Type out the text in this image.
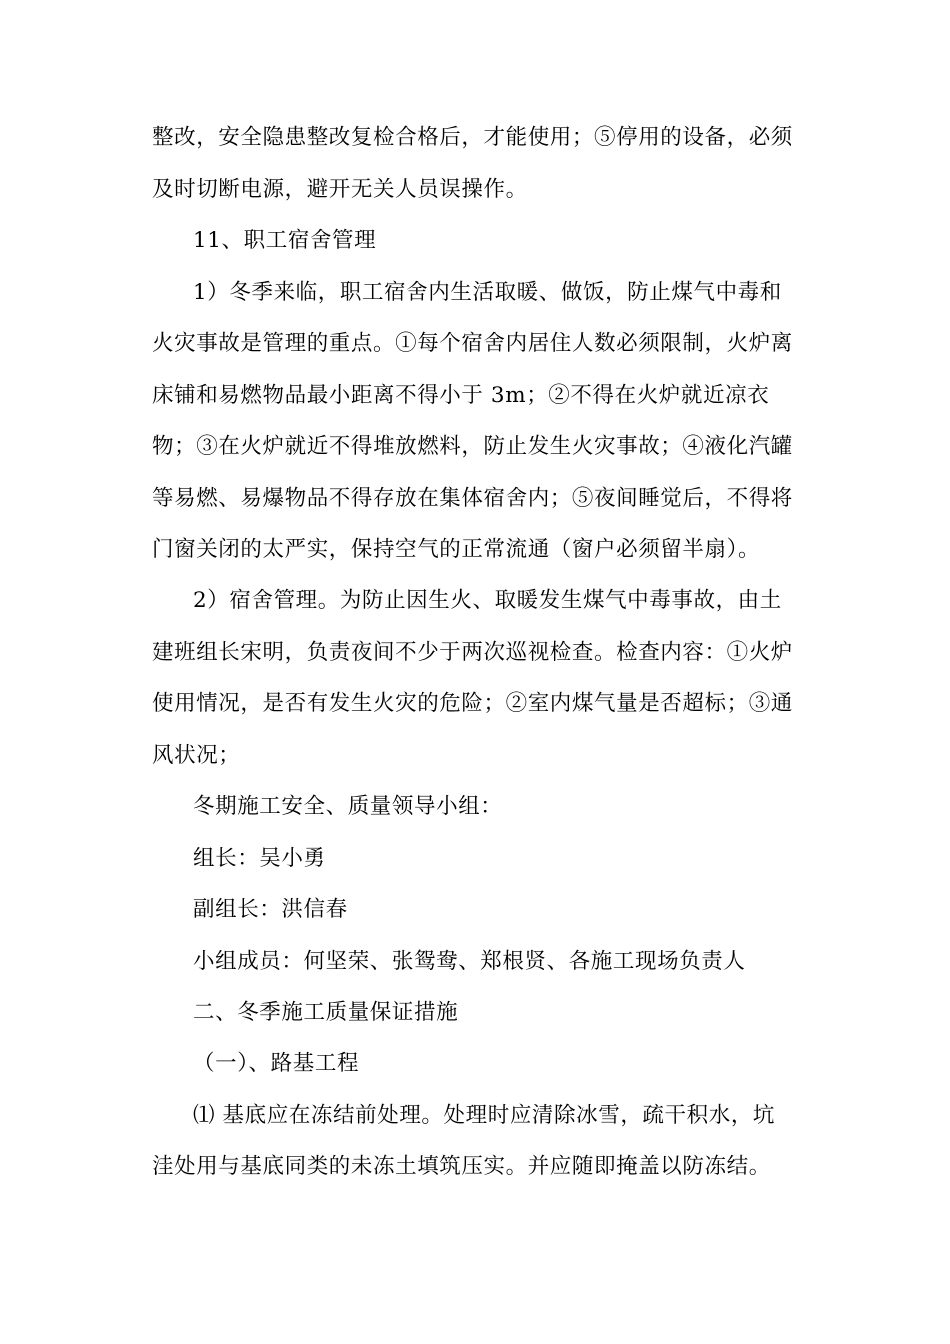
整改，安全隐患整改复检合格后，才能使用；⑤停用的设备，必须
及时切断电源，避开无关人员误操作。
11、职工宿舍管理
1）冬季来临，职工宿舍内生活取暖、做饭，防止煤气中毒和
火灾事故是管理的重点。①每个宿舍内居住人数必须限制，火炉离
床铺和易燃物品最小距离不得小于 3m；②不得在火炉就近凉衣
物；③在火炉就近不得堆放燃料，防止发生火灾事故；④液化汽罐
等易燃、易爆物品不得存放在集体宿舍内；⑤夜间睡觉后，不得将
门窗关闭的太严实，保持空气的正常流通（窗户必须留半扇）。
2）宿舍管理。为防止因生火、取暖发生煤气中毒事故，由土
建班组长宋明，负责夜间不少于两次巡视检查。检查内容：①火炉
使用情况，是否有发生火灾的危险；②室内煤气量是否超标；③通
风状况；
冬期施工安全、质量领导小组：
组长：吴小勇
副组长：洪信春
小组成员：何坚荣、张鸳鸯、郑根贤、各施工现场负责人
二、冬季施工质量保证措施
（一）、路基工程
⑴ 基底应在冻结前处理。处理时应清除冰雪，疏干积水，坑
洼处用与基底同类的未冻土填筑压实。并应随即掩盖以防冻结。
